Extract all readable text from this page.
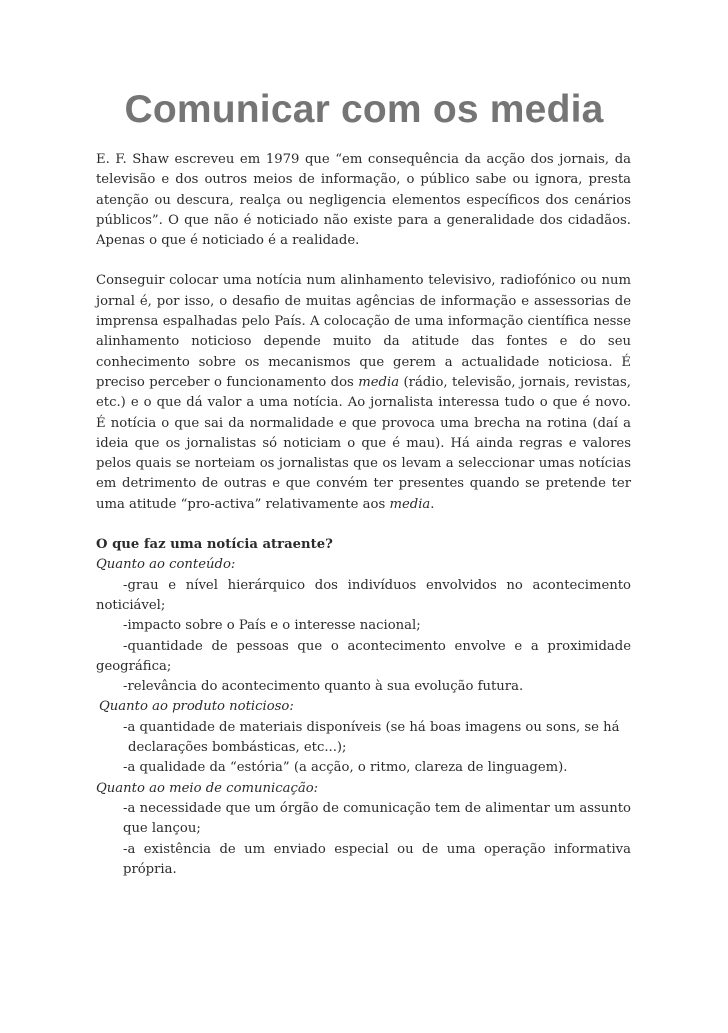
Comunicar com os media

E. F. Shaw escreveu em 1979 que “em consequência da acção dos jornais, da televisão e dos outros meios de informação, o público sabe ou ignora, presta atenção ou descura, realça ou negligencia elementos específicos dos cenários públicos”. O que não é noticiado não existe para a generalidade dos cidadãos. Apenas o que é noticiado é a realidade.

Conseguir colocar uma notícia num alinhamento televisivo, radiofónico ou num jornal é, por isso, o desafio de muitas agências de informação e assessorias de imprensa espalhadas pelo País. A colocação de uma informação científica nesse alinhamento noticioso depende muito da atitude das fontes e do seu conhecimento sobre os mecanismos que gerem a actualidade noticiosa. É preciso perceber o funcionamento dos media (rádio, televisão, jornais, revistas, etc.) e o que dá valor a uma notícia. Ao jornalista interessa tudo o que é novo. É notícia o que sai da normalidade e que provoca uma brecha na rotina (daí a ideia que os jornalistas só noticiam o que é mau). Há ainda regras e valores pelos quais se norteiam os jornalistas que os levam a seleccionar umas notícias em detrimento de outras e que convém ter presentes quando se pretende ter uma atitude “pro-activa” relativamente aos media.

O que faz uma notícia atraente?

Quanto ao conteúdo:

-grau e nível hierárquico dos indivíduos envolvidos no acontecimento noticiável;

-impacto sobre o País e o interesse nacional;

-quantidade de pessoas que o acontecimento envolve e a proximidade geográfica;

-relevância do acontecimento quanto à sua evolução futura.

Quanto ao produto noticioso:

-a quantidade de materiais disponíveis (se há boas imagens ou sons, se há

declarações bombásticas, etc...);

-a qualidade da “estória” (a acção, o ritmo, clareza de linguagem).

Quanto ao meio de comunicação:

-a necessidade que um órgão de comunicação tem de alimentar um assunto que lançou;

-a existência de um enviado especial ou de uma operação informativa própria.
